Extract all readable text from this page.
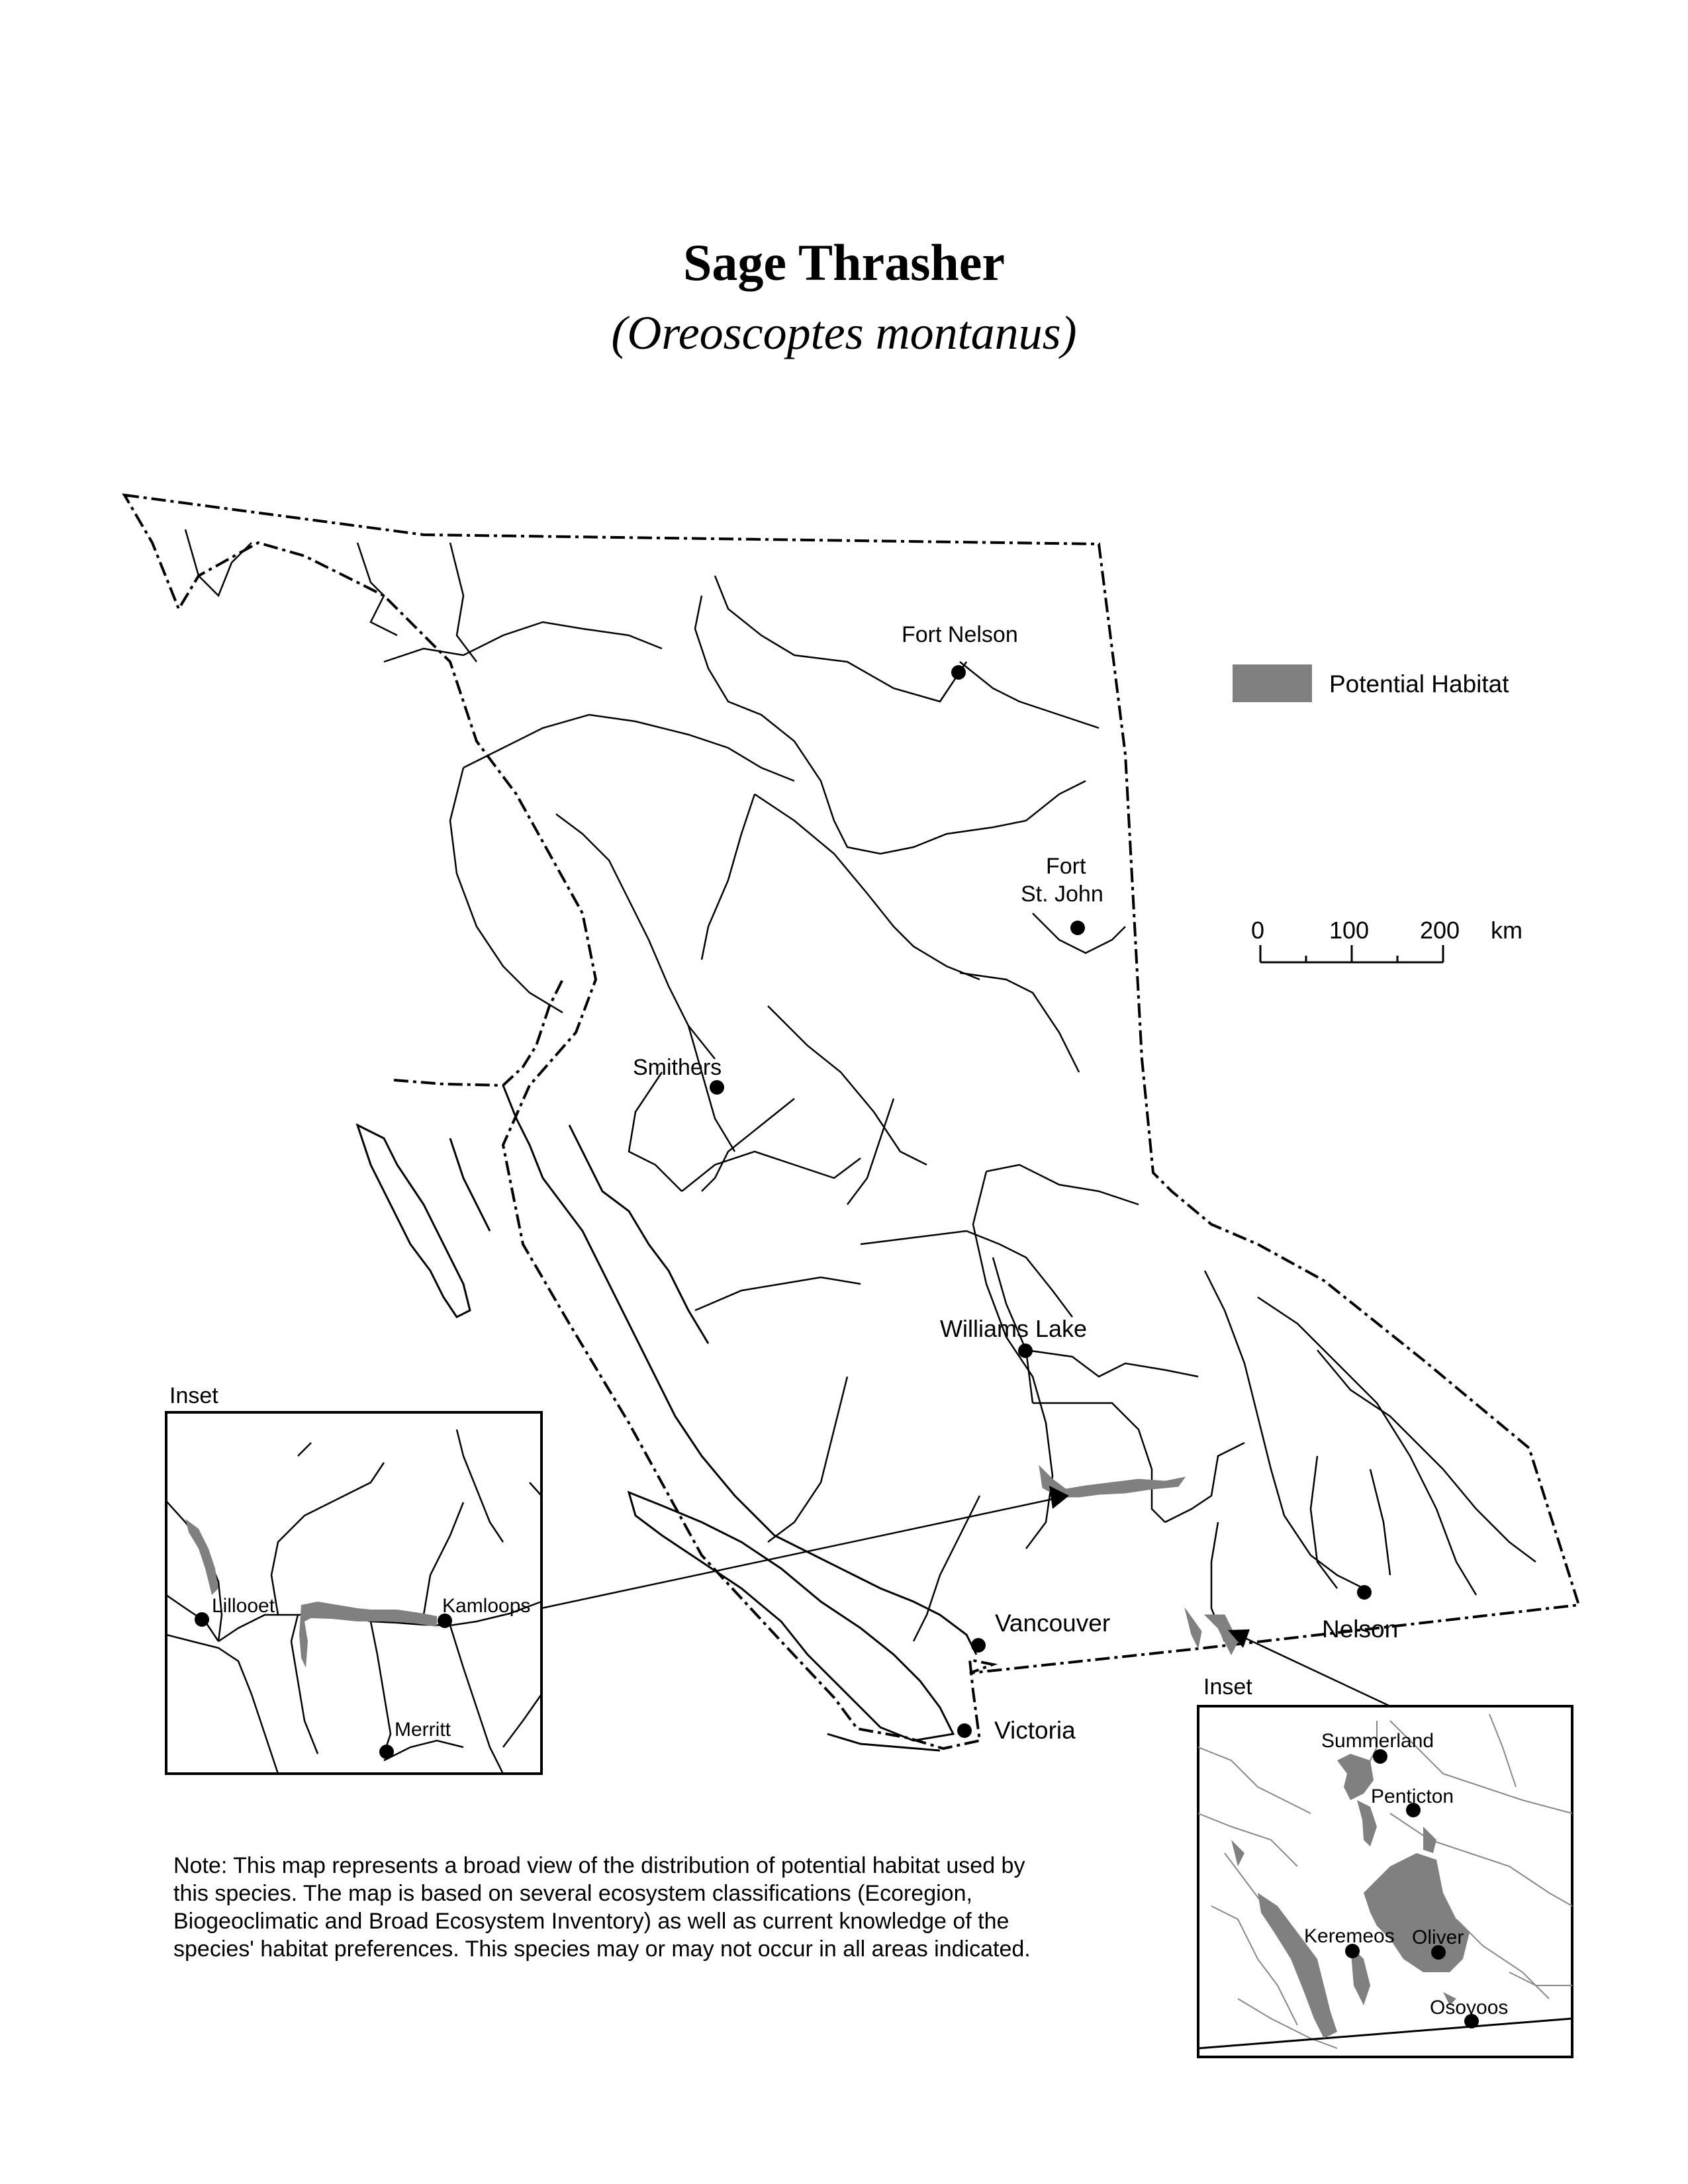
Sage Thrasher
(Oreoscoptes montanus)
Potential Habitat
0	100 200 km
Fort Nelson
Fort
St. John
Smithers
Williams Lake
Vancouver
Victoria
Nelson
Inset
Lillooet	Kamloops
Merritt
Inset
Summerland
Penticton
Keremeos Oliver
Osoyoos
Note: This map represents a broad view of the distribution of potential habitat used by
this species. The map is based on several ecosystem classifications (Ecoregion,
Biogeoclimatic and Broad Ecosystem Inventory) as well as current knowledge of the
species' habitat preferences. This species may or may not occur in all areas indicated.
